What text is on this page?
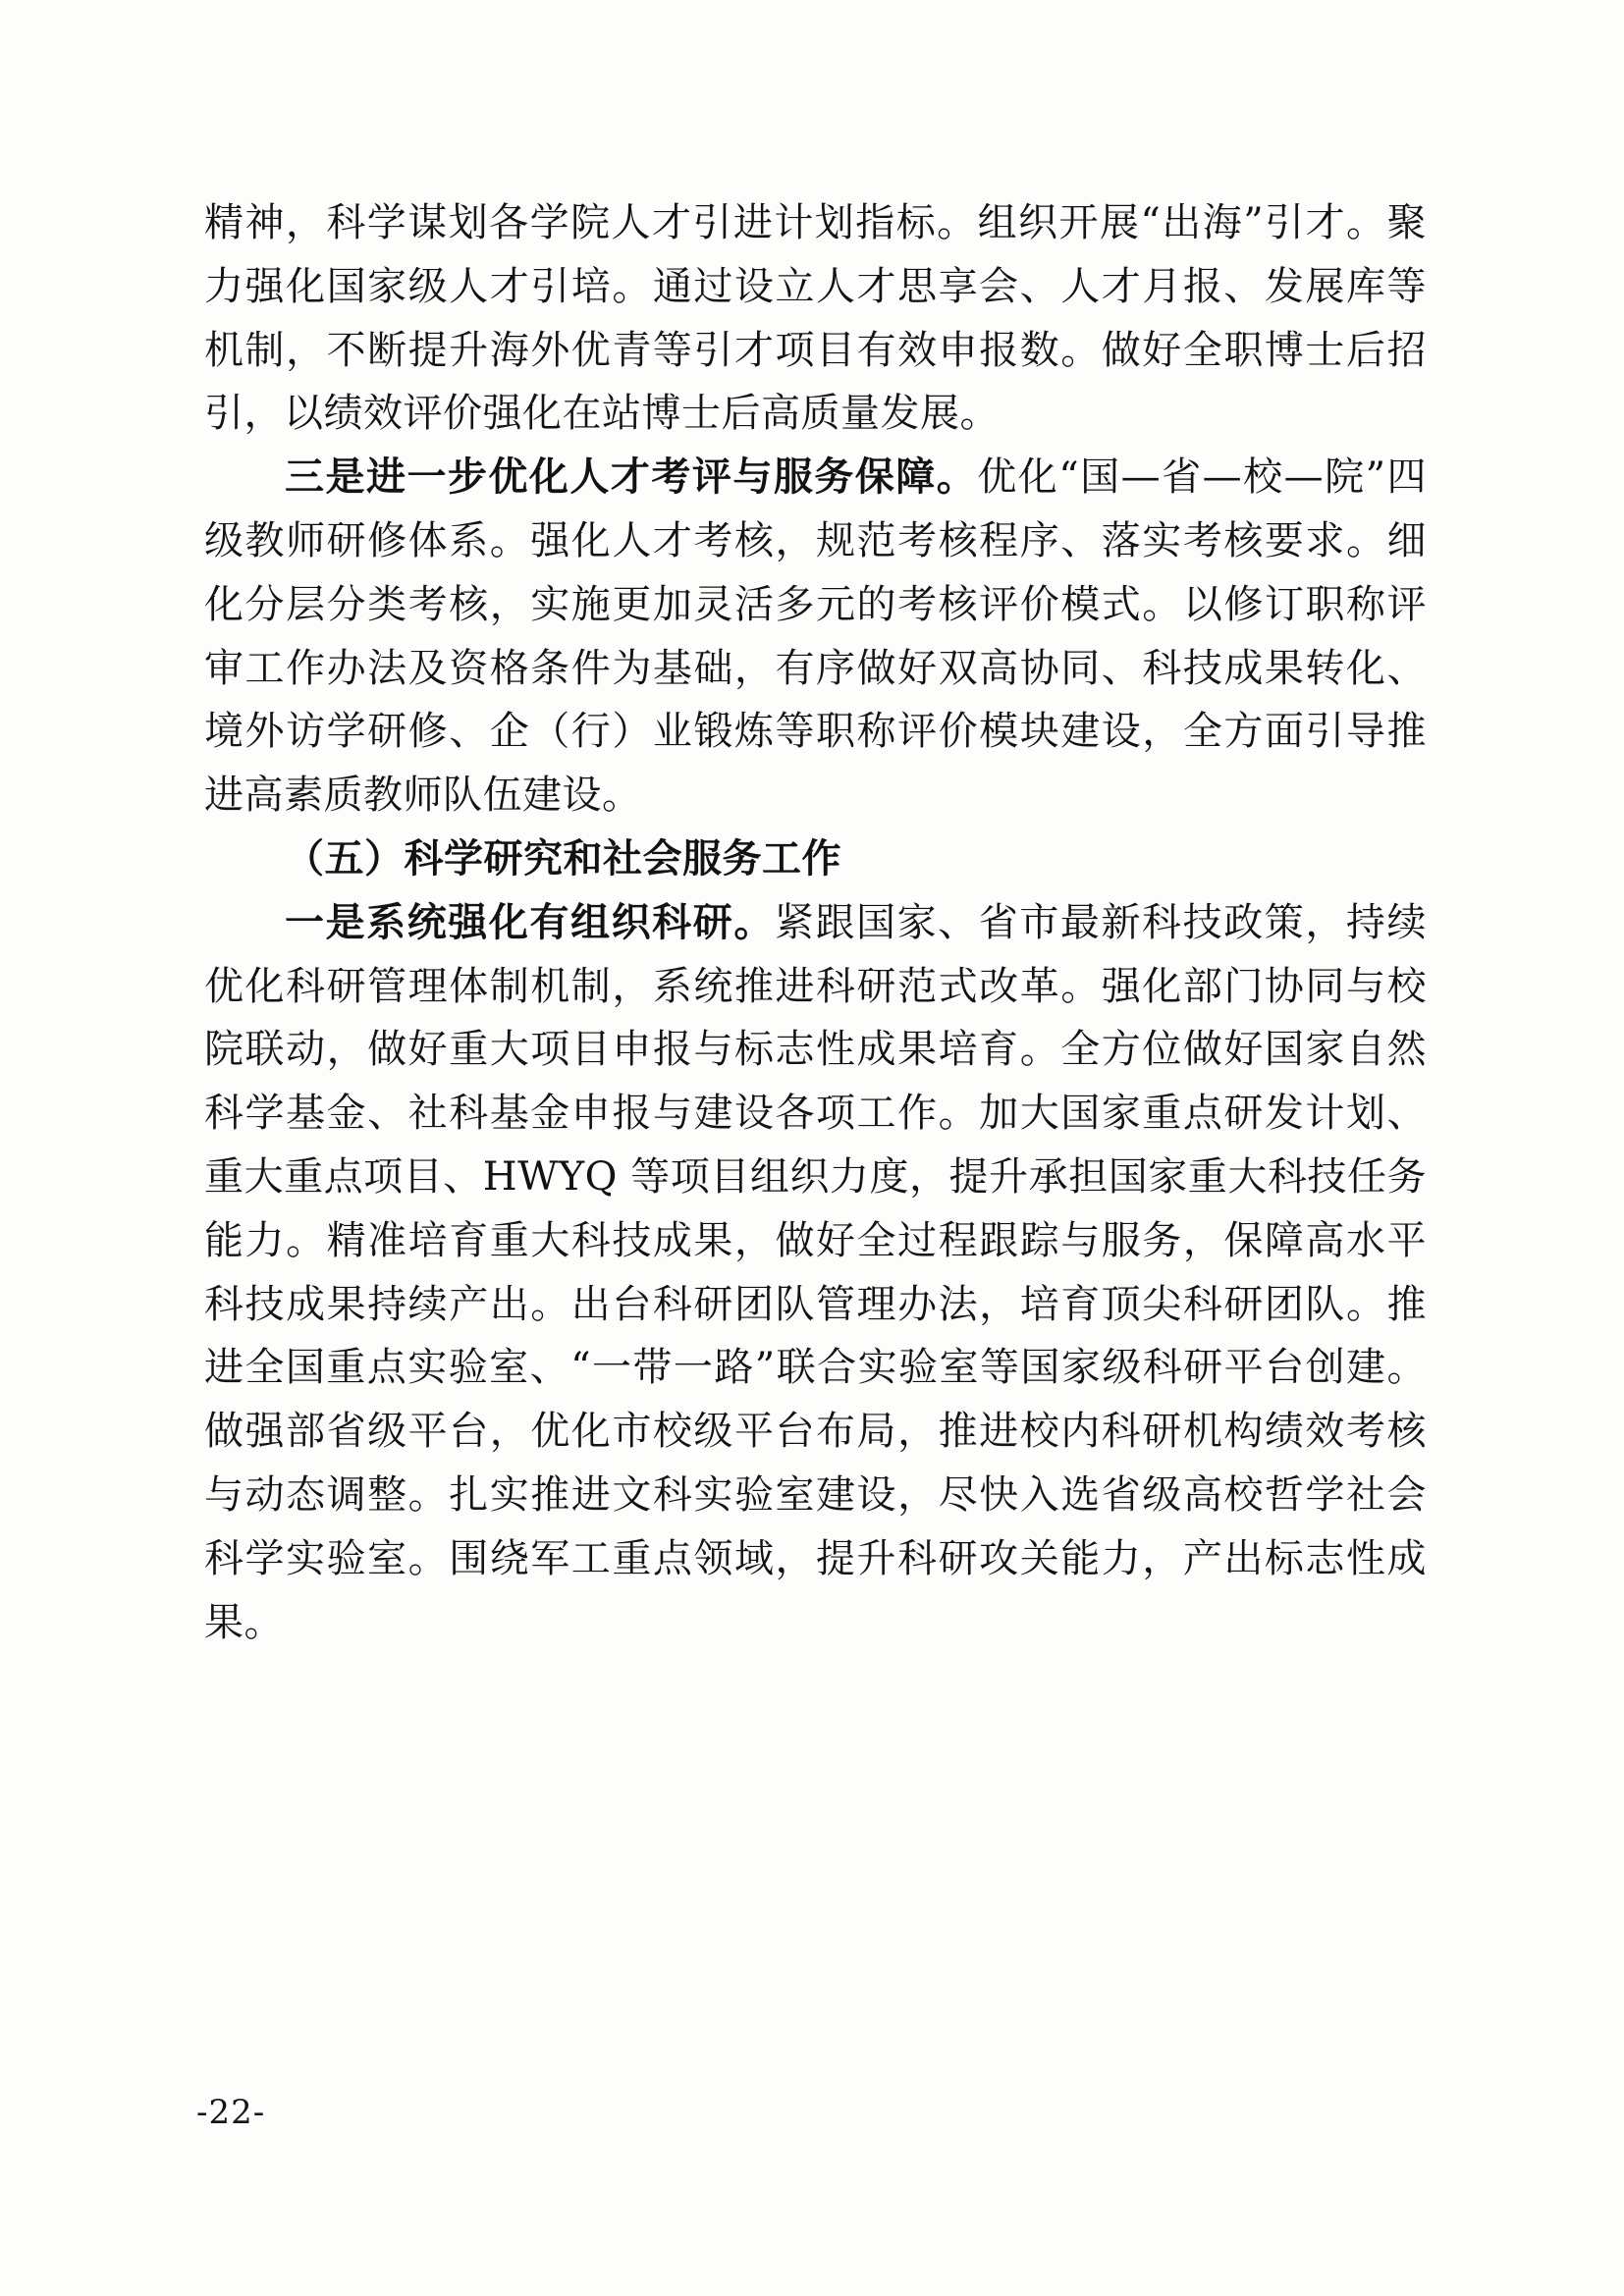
精神，科学谋划各学院人才引进计划指标。组织开展“出海”引才。聚力强化国家级人才引培。通过设立人才思享会、人才月报、发展库等机制，不断提升海外优青等引才项目有效申报数。做好全职博士后招引，以绩效评价强化在站博士后高质量发展。

三是进一步优化人才考评与服务保障。优化“国—省—校—院”四级教师研修体系。强化人才考核，规范考核程序、落实考核要求。细化分层分类考核，实施更加灵活多元的考核评价模式。以修订职称评审工作办法及资格条件为基础，有序做好双高协同、科技成果转化、境外访学研修、企（行）业锻炼等职称评价模块建设，全方面引导推进高素质教师队伍建设。

（五）科学研究和社会服务工作

一是系统强化有组织科研。紧跟国家、省市最新科技政策，持续优化科研管理体制机制，系统推进科研范式改革。强化部门协同与校院联动，做好重大项目申报与标志性成果培育。全方位做好国家自然科学基金、社科基金申报与建设各项工作。加大国家重点研发计划、重大重点项目、HWYQ 等项目组织力度，提升承担国家重大科技任务能力。精准培育重大科技成果，做好全过程跟踪与服务，保障高水平科技成果持续产出。出台科研团队管理办法，培育顶尖科研团队。推进全国重点实验室、“一带一路”联合实验室等国家级科研平台创建。做强部省级平台，优化市校级平台布局，推进校内科研机构绩效考核与动态调整。扎实推进文科实验室建设，尽快入选省级高校哲学社会科学实验室。围绕军工重点领域，提升科研攻关能力，产出标志性成果。

-22-
